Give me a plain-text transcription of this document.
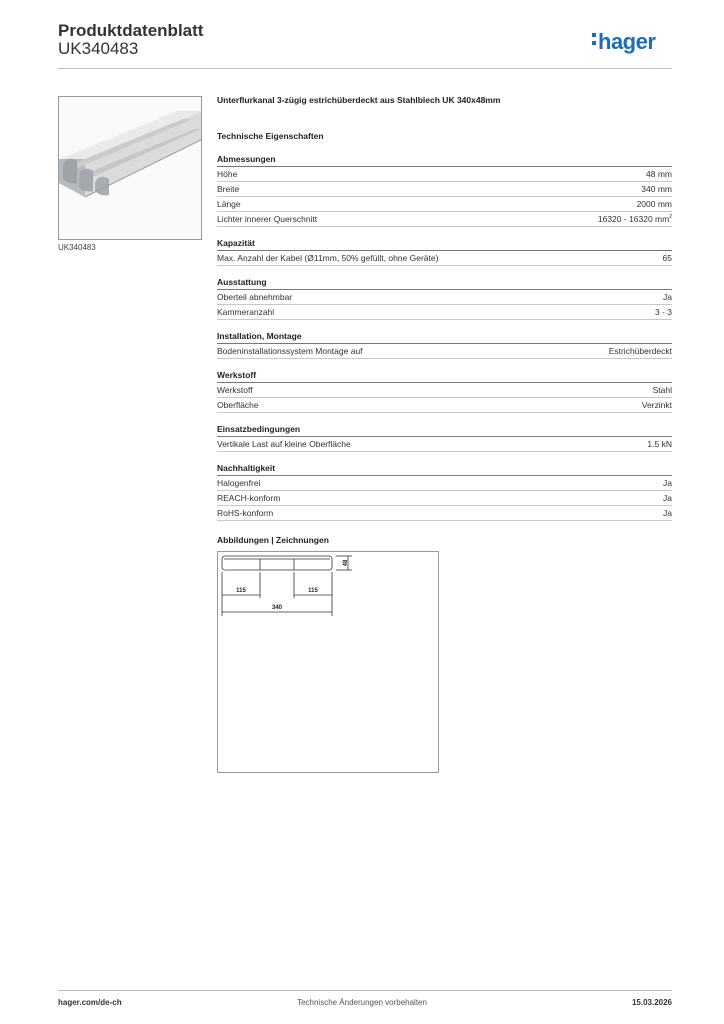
Produktdatenblatt
UK340483	hager
UK340483
Unterflurkanal 3-zügig estrichüberdeckt aus Stahlblech UK 340x48mm
Technische Eigenschaften
Abmessungen
Höhe	48 mm
Breite	340 mm
Länge	2000 mm
Lichter innerer Querschnitt	16320 - 16320 $mm^2$
Kapazität
Max. Anzahl der Kabel (Ø11mm, 50% gefüllt, ohne Geräte)	65
Ausstattung
Oberteil abnehmbar	Ja
Kammeranzahl	3 - 3
Installation, Montage
Bodeninstallationssystem Montage auf	Estrichüberdeckt
Werkstoff
Werkstoff	Stahl
Oberfläche	Verzinkt
Einsatzbedingungen
Vertikale Last auf kleine Oberfläche	1.5 kN
Nachhaltigkeit
Halogenfrei	Ja
REACH-konform	Ja
RoHS-konform	Ja
Abbildungen | Zeichnungen
48
115	115
340
hager.com/de-ch	Technische Änderungen vorbehalten	15.03.2026
